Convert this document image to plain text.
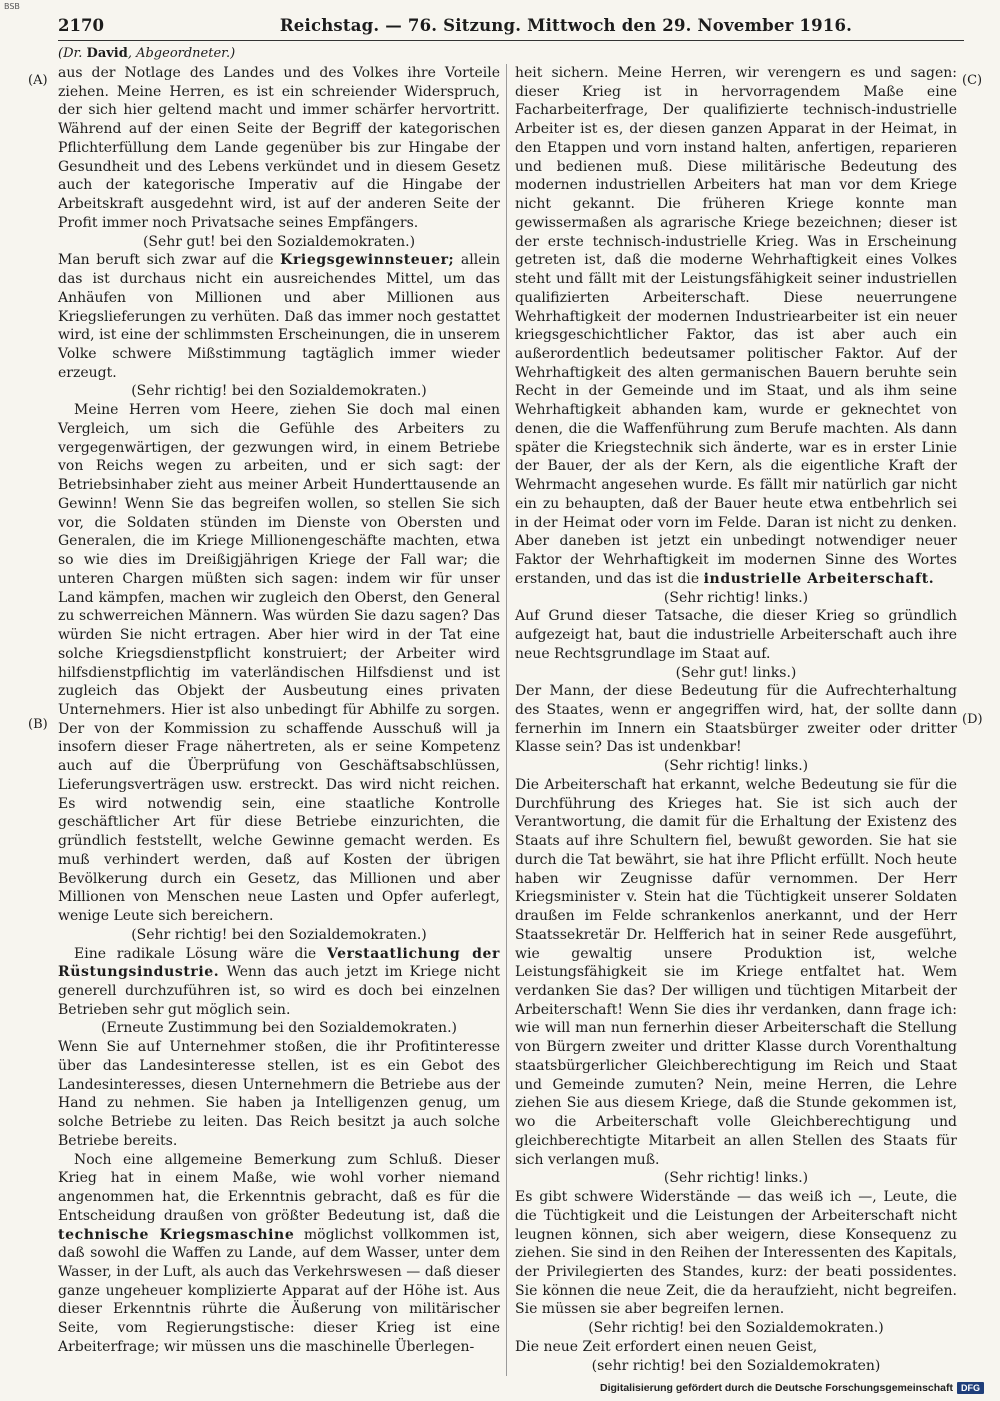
BSB
2170	Reichstag. — 76. Sitzung. Mittwoch den 29. November 1916.
(Dr. David, Abgeordneter.)
(A)
(B)
(C)
(D)

aus der Notlage des Landes und des Volkes ihre Vorteile ziehen. Meine Herren, es ist ein schreiender Widerspruch, der sich hier geltend macht und immer schärfer hervortritt. Während auf der einen Seite der Begriff der kategorischen Pflichterfüllung dem Lande gegenüber bis zur Hingabe der Gesundheit und des Lebens verkündet und in diesem Gesetz auch der kategorische Imperativ auf die Hingabe der Arbeitskraft ausgedehnt wird, ist auf der anderen Seite der Profit immer noch Privatsache seines Empfängers.

(Sehr gut! bei den Sozialdemokraten.)

Man beruft sich zwar auf die Kriegsgewinnsteuer; allein das ist durchaus nicht ein ausreichendes Mittel, um das Anhäufen von Millionen und aber Millionen aus Kriegslieferungen zu verhüten. Daß das immer noch gestattet wird, ist eine der schlimmsten Erscheinungen, die in unserem Volke schwere Mißstimmung tagtäglich immer wieder erzeugt.

(Sehr richtig! bei den Sozialdemokraten.)

Meine Herren vom Heere, ziehen Sie doch mal einen Vergleich, um sich die Gefühle des Arbeiters zu vergegenwärtigen, der gezwungen wird, in einem Betriebe von Reichs wegen zu arbeiten, und er sich sagt: der Betriebsinhaber zieht aus meiner Arbeit Hunderttausende an Gewinn! Wenn Sie das begreifen wollen, so stellen Sie sich vor, die Soldaten stünden im Dienste von Obersten und Generalen, die im Kriege Millionengeschäfte machten, etwa so wie dies im Dreißigjährigen Kriege der Fall war; die unteren Chargen müßten sich sagen: indem wir für unser Land kämpfen, machen wir zugleich den Oberst, den General zu schwerreichen Männern. Was würden Sie dazu sagen? Das würden Sie nicht ertragen. Aber hier wird in der Tat eine solche Kriegsdienstpflicht konstruiert; der Arbeiter wird hilfsdienstpflichtig im vaterländischen Hilfsdienst und ist zugleich das Objekt der Ausbeutung eines privaten Unternehmers. Hier ist also unbedingt für Abhilfe zu sorgen. Der von der Kommission zu schaffende Ausschuß will ja insofern dieser Frage nähertreten, als er seine Kompetenz auch auf die Überprüfung von Geschäftsabschlüssen, Lieferungsverträgen usw. erstreckt. Das wird nicht reichen. Es wird notwendig sein, eine staatliche Kontrolle geschäftlicher Art für diese Betriebe einzurichten, die gründlich feststellt, welche Gewinne gemacht werden. Es muß verhindert werden, daß auf Kosten der übrigen Bevölkerung durch ein Gesetz, das Millionen und aber Millionen von Menschen neue Lasten und Opfer auferlegt, wenige Leute sich bereichern.

(Sehr richtig! bei den Sozialdemokraten.)

Eine radikale Lösung wäre die Verstaatlichung der Rüstungsindustrie. Wenn das auch jetzt im Kriege nicht generell durchzuführen ist, so wird es doch bei einzelnen Betrieben sehr gut möglich sein.

(Erneute Zustimmung bei den Sozialdemokraten.)

Wenn Sie auf Unternehmer stoßen, die ihr Profitinteresse über das Landesinteresse stellen, ist es ein Gebot des Landesinteresses, diesen Unternehmern die Betriebe aus der Hand zu nehmen. Sie haben ja Intelligenzen genug, um solche Betriebe zu leiten. Das Reich besitzt ja auch solche Betriebe bereits.

Noch eine allgemeine Bemerkung zum Schluß. Dieser Krieg hat in einem Maße, wie wohl vorher niemand angenommen hat, die Erkenntnis gebracht, daß es für die Entscheidung draußen von größter Bedeutung ist, daß die technische Kriegsmaschine möglichst vollkommen ist, daß sowohl die Waffen zu Lande, auf dem Wasser, unter dem Wasser, in der Luft, als auch das Verkehrswesen — daß dieser ganze ungeheuer komplizierte Apparat auf der Höhe ist. Aus dieser Erkenntnis rührte die Äußerung von militärischer Seite, vom Regierungstische: dieser Krieg ist eine Arbeiterfrage; wir müssen uns die maschinelle Überlegen-

heit sichern. Meine Herren, wir verengern es und sagen: dieser Krieg ist in hervorragendem Maße eine Facharbeiterfrage, Der qualifizierte technisch-industrielle Arbeiter ist es, der diesen ganzen Apparat in der Heimat, in den Etappen und vorn instand halten, anfertigen, reparieren und bedienen muß. Diese militärische Bedeutung des modernen industriellen Arbeiters hat man vor dem Kriege nicht gekannt. Die früheren Kriege konnte man gewissermaßen als agrarische Kriege bezeichnen; dieser ist der erste technisch-industrielle Krieg. Was in Erscheinung getreten ist, daß die moderne Wehrhaftigkeit eines Volkes steht und fällt mit der Leistungsfähigkeit seiner industriellen qualifizierten Arbeiterschaft. Diese neuerrungene Wehrhaftigkeit der modernen Industriearbeiter ist ein neuer kriegsgeschichtlicher Faktor, das ist aber auch ein außerordentlich bedeutsamer politischer Faktor. Auf der Wehrhaftigkeit des alten germanischen Bauern beruhte sein Recht in der Gemeinde und im Staat, und als ihm seine Wehrhaftigkeit abhanden kam, wurde er geknechtet von denen, die die Waffenführung zum Berufe machten. Als dann später die Kriegstechnik sich änderte, war es in erster Linie der Bauer, der als der Kern, als die eigentliche Kraft der Wehrmacht angesehen wurde. Es fällt mir natürlich gar nicht ein zu behaupten, daß der Bauer heute etwa entbehrlich sei in der Heimat oder vorn im Felde. Daran ist nicht zu denken. Aber daneben ist jetzt ein unbedingt notwendiger neuer Faktor der Wehrhaftigkeit im modernen Sinne des Wortes erstanden, und das ist die industrielle Arbeiterschaft.

(Sehr richtig! links.)

Auf Grund dieser Tatsache, die dieser Krieg so gründlich aufgezeigt hat, baut die industrielle Arbeiterschaft auch ihre neue Rechtsgrundlage im Staat auf.

(Sehr gut! links.)

Der Mann, der diese Bedeutung für die Aufrechterhaltung des Staates, wenn er angegriffen wird, hat, der sollte dann fernerhin im Innern ein Staatsbürger zweiter oder dritter Klasse sein? Das ist undenkbar!

(Sehr richtig! links.)

Die Arbeiterschaft hat erkannt, welche Bedeutung sie für die Durchführung des Krieges hat. Sie ist sich auch der Verantwortung, die damit für die Erhaltung der Existenz des Staats auf ihre Schultern fiel, bewußt geworden. Sie hat sie durch die Tat bewährt, sie hat ihre Pflicht erfüllt. Noch heute haben wir Zeugnisse dafür vernommen. Der Herr Kriegsminister v. Stein hat die Tüchtigkeit unserer Soldaten draußen im Felde schrankenlos anerkannt, und der Herr Staatssekretär Dr. Helfferich hat in seiner Rede ausgeführt, wie gewaltig unsere Produktion ist, welche Leistungsfähigkeit sie im Kriege entfaltet hat. Wem verdanken Sie das? Der willigen und tüchtigen Mitarbeit der Arbeiterschaft! Wenn Sie dies ihr verdanken, dann frage ich: wie will man nun fernerhin dieser Arbeiterschaft die Stellung von Bürgern zweiter und dritter Klasse durch Vorenthaltung staatsbürgerlicher Gleichberechtigung im Reich und Staat und Gemeinde zumuten? Nein, meine Herren, die Lehre ziehen Sie aus diesem Kriege, daß die Stunde gekommen ist, wo die Arbeiterschaft volle Gleichberechtigung und gleichberechtigte Mitarbeit an allen Stellen des Staats für sich verlangen muß.

(Sehr richtig! links.)

Es gibt schwere Widerstände — das weiß ich —, Leute, die die Tüchtigkeit und die Leistungen der Arbeiterschaft nicht leugnen können, sich aber weigern, diese Konsequenz zu ziehen. Sie sind in den Reihen der Interessenten des Kapitals, der Privilegierten des Standes, kurz: der beati possidentes. Sie können die neue Zeit, die da heraufzieht, nicht begreifen. Sie müssen sie aber begreifen lernen.

(Sehr richtig! bei den Sozialdemokraten.)

Die neue Zeit erfordert einen neuen Geist,

(sehr richtig! bei den Sozialdemokraten)

Digitalisierung gefördert durch die Deutsche Forschungsgemeinschaft DFG
